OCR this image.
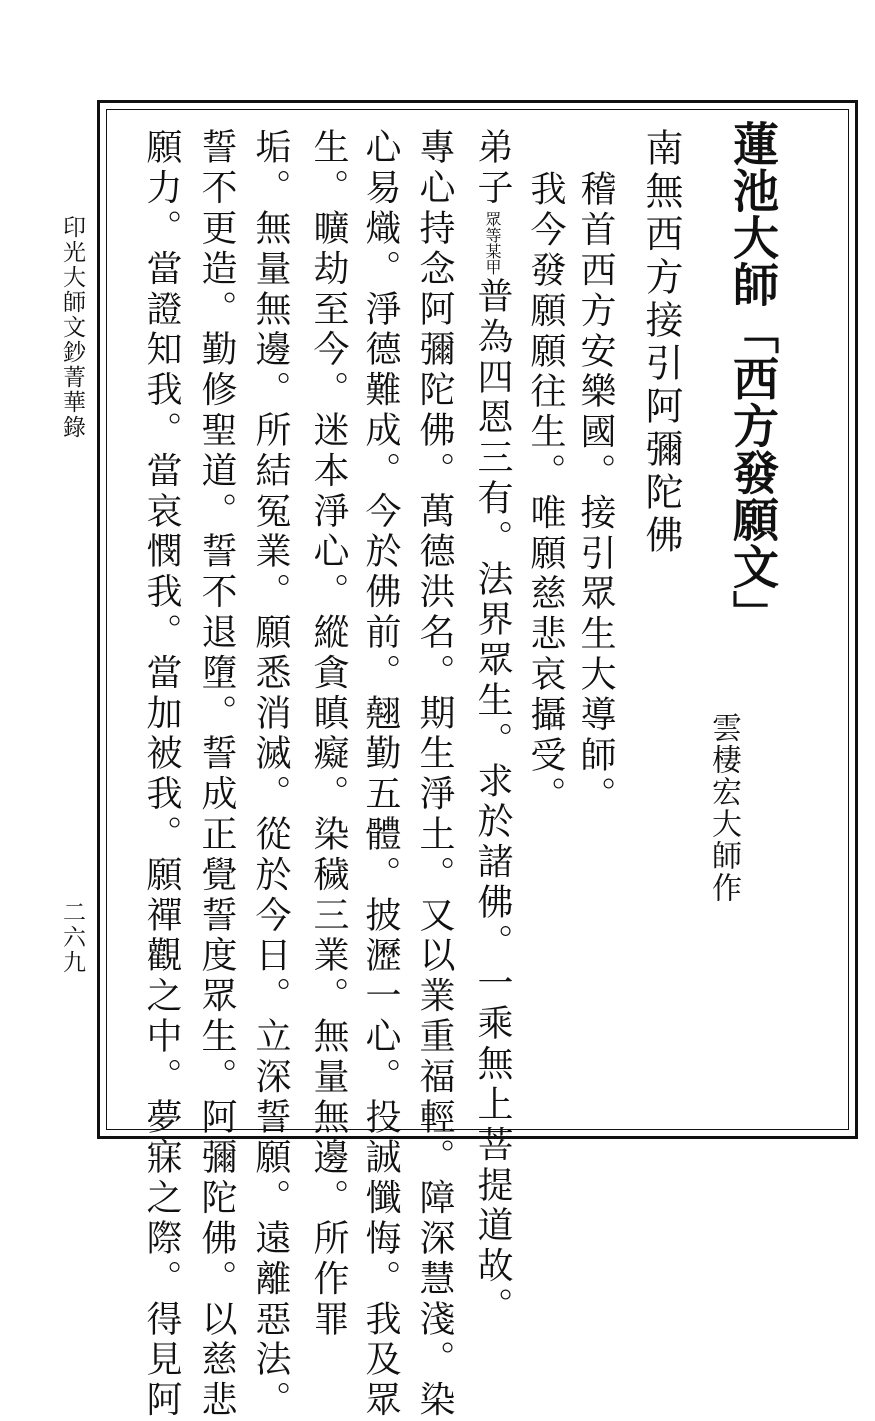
印光大師文鈔菁華錄
二六九
蓮池大師「西方發願文」
南無西方接引阿彌陀佛
雲棲宏大師作
稽首西方安樂國。接引眾生大導師。
我今發願願往生。唯願慈悲哀攝受。
弟子
眾等
某甲
普為四恩三有。法界眾生。求於諸佛。一乘無上菩提道故。
專心持念阿彌陀佛。萬德洪名。期生淨土。又以業重福輕。障深慧淺。染
心易熾。淨德難成。今於佛前。翹勤五體。披瀝一心。投誠懺悔。我及眾
生。曠劫至今。迷本淨心。縱貪瞋癡。染穢三業。無量無邊。所作罪
垢。無量無邊。所結冤業。願悉消滅。從於今日。立深誓願。遠離惡法。
誓不更造。勤修聖道。誓不退墮。誓成正覺誓度眾生。阿彌陀佛。以慈悲
願力。當證知我。當哀憫我。當加被我。願禪觀之中。夢寐之際。得見阿
